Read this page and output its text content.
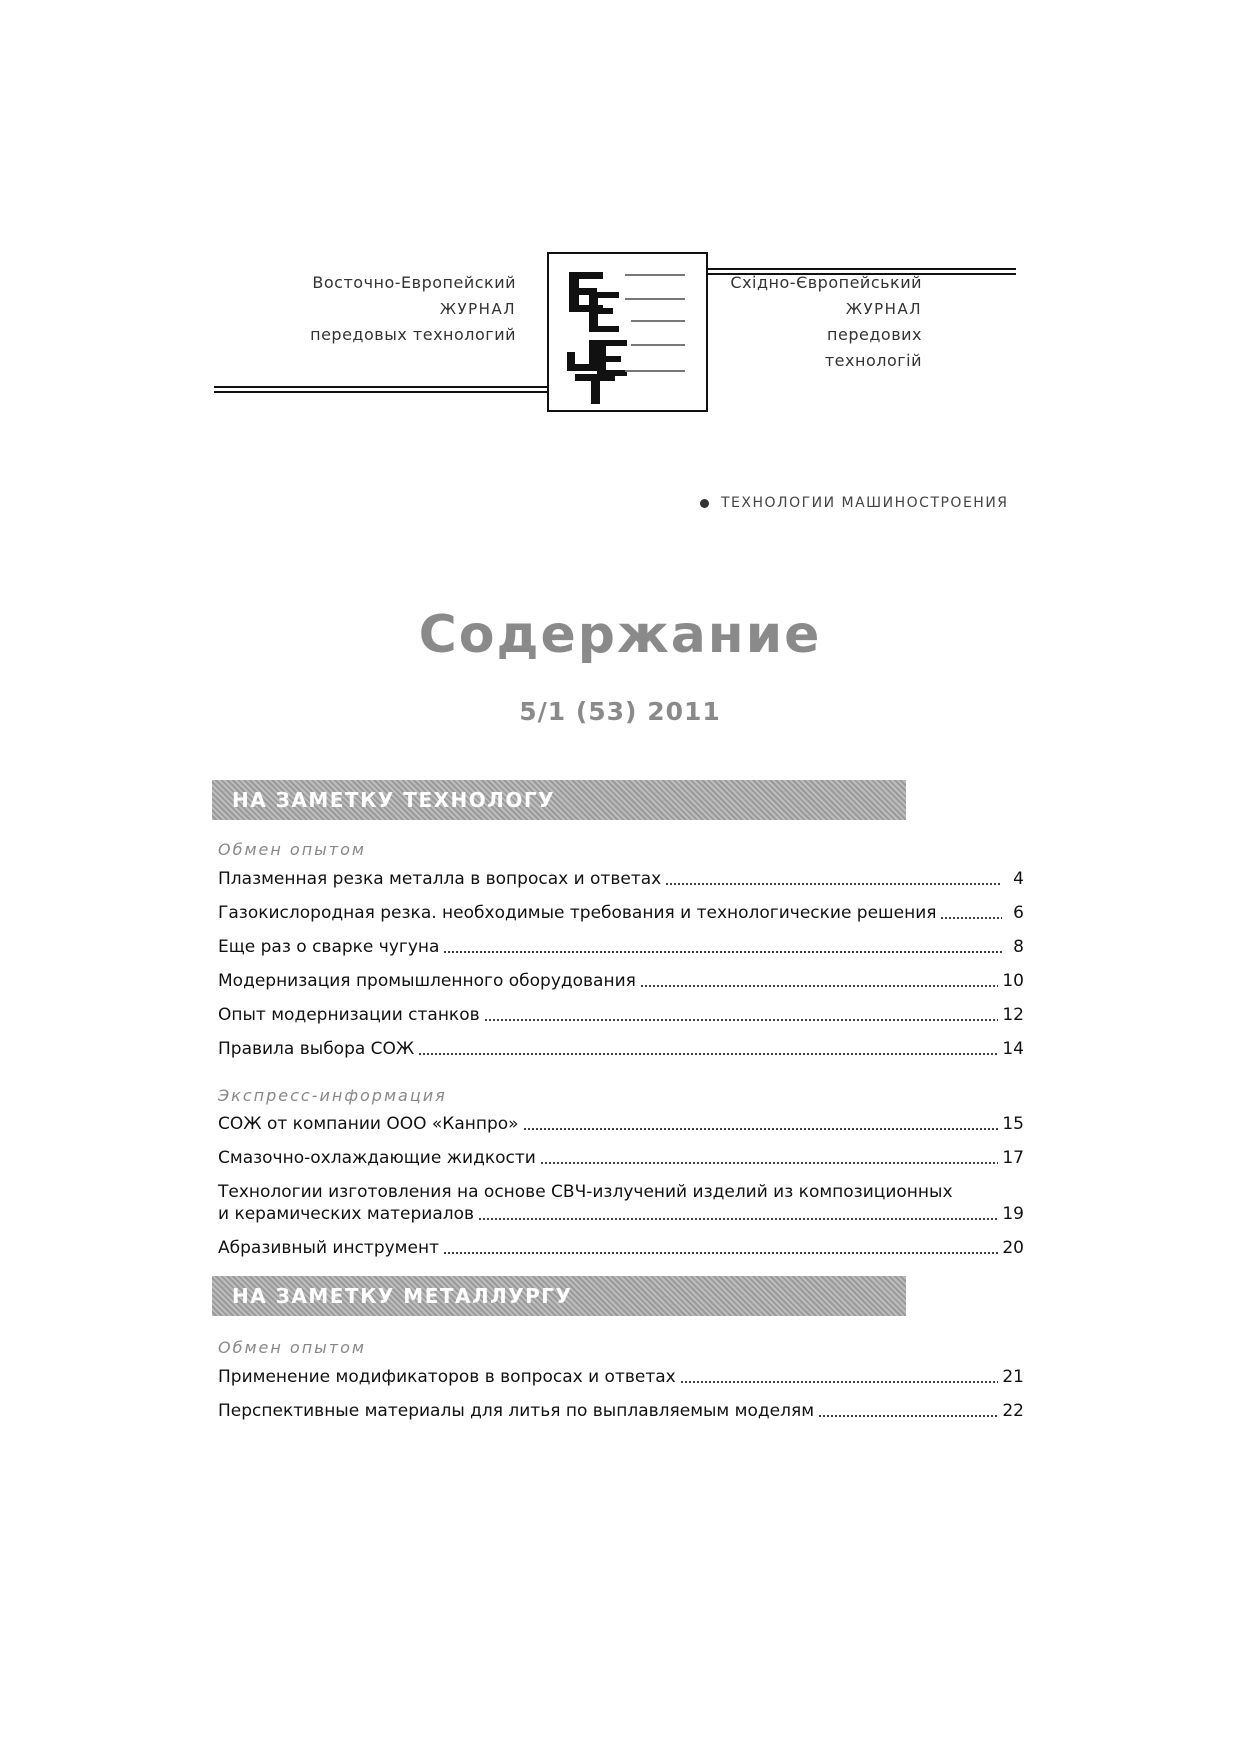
Восточно-Европейский
ЖУРНАЛ
передовых технологий
Східно-Європейський
ЖУРНАЛ
передових технологій
ТЕХНОЛОГИИ МАШИНОСТРОЕНИЯ
Содержание
5/1 (53) 2011
НА ЗАМЕТКУ ТЕХНОЛОГУ
Обмен опытом
Плазменная резка металла в вопросах и ответах	4
Газокислородная резка. необходимые требования и технологические решения	6
Еще раз о сварке чугуна	8
Модернизация промышленного оборудования	10
Опыт модернизации станков	12
Правила выбора СОЖ	14
Экспресс-информация
СОЖ от компании ООО «Канпро»	15
Смазочно-охлаждающие жидкости	17
Технологии изготовления на основе СВЧ-излучений изделий из композиционных
и керамических материалов	19
Абразивный инструмент	20
НА ЗАМЕТКУ МЕТАЛЛУРГУ
Обмен опытом
Применение модификаторов в вопросах и ответах	21
Перспективные материалы для литья по выплавляемым моделям	22
